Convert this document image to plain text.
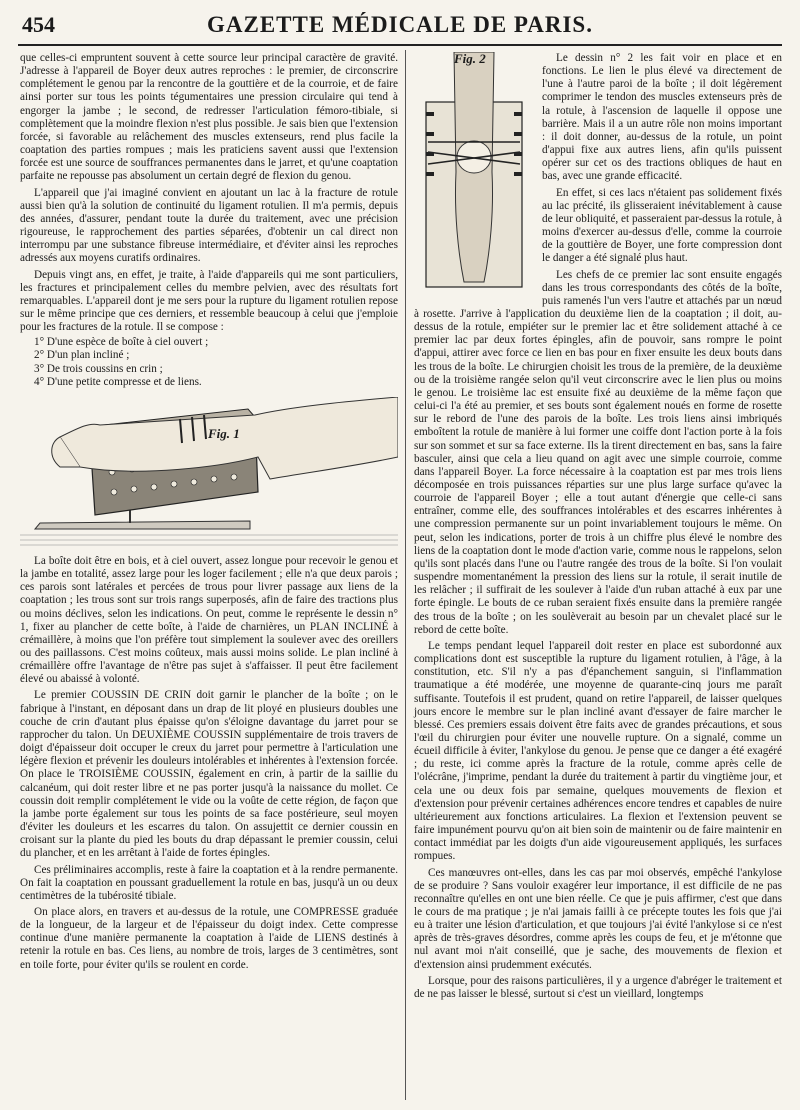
454	GAZETTE MÉDICALE DE PARIS.

que celles-ci empruntent souvent à cette source leur principal caractère de gravité. J'adresse à l'appareil de Boyer deux autres reproches : le premier, de circonscrire complétement le genou par la rencontre de la gouttière et de la courroie, et de faire ainsi porter sur tous les points tégumentaires une pression circulaire qui tend à engorger la jambe ; le second, de redresser l'articulation fémoro-tibiale, si complètement que la moindre flexion n'est plus possible. Je sais bien que l'extension forcée, si favorable au relâchement des muscles extenseurs, rend plus facile la coaptation des parties rompues ; mais les praticiens savent aussi que l'extension forcée est une source de souffrances permanentes dans le jarret, et qu'une coaptation parfaite ne repousse pas absolument un certain degré de flexion du genou.

L'appareil que j'ai imaginé convient en ajoutant un lac à la fracture de rotule aussi bien qu'à la solution de continuité du ligament rotulien. Il m'a permis, depuis des années, d'assurer, pendant toute la durée du traitement, avec une précision rigoureuse, le rapprochement des parties séparées, d'obtenir un cal direct non interrompu par une substance fibreuse intermédiaire, et d'éviter ainsi les reproches adressés aux moyens curatifs ordinaires.

Depuis vingt ans, en effet, je traite, à l'aide d'appareils qui me sont particuliers, les fractures et principalement celles du membre pelvien, avec des résultats fort remarquables. L'appareil dont je me sers pour la rupture du ligament rotulien repose sur le même principe que ces derniers, et ressemble beaucoup à celui que j'emploie pour les fractures de la rotule. Il se compose :

1° D'une espèce de boîte à ciel ouvert ;
2° D'un plan incliné ;
3° De trois coussins en crin ;
4° D'une petite compresse et de liens.
Fig. 1

La boîte doit être en bois, et à ciel ouvert, assez longue pour recevoir le genou et la jambe en totalité, assez large pour les loger facilement ; elle n'a que deux parois ; ces parois sont latérales et percées de trous pour livrer passage aux liens de la coaptation ; les trous sont sur trois rangs superposés, afin de faire des tractions plus ou moins déclives, selon les indications. On peut, comme le représente le dessin n° 1, fixer au plancher de cette boîte, à l'aide de charnières, un PLAN INCLINÉ à crémaillère, à moins que l'on préfère tout simplement la soulever avec des oreillers ou des paillassons. C'est moins coûteux, mais aussi moins solide. Le plan incliné à crémaillère offre l'avantage de n'être pas sujet à s'affaisser. Il peut être facilement élevé ou abaissé à volonté.

Le premier COUSSIN DE CRIN doit garnir le plancher de la boîte ; on le fabrique à l'instant, en déposant dans un drap de lit ployé en plusieurs doubles une couche de crin d'autant plus épaisse qu'on s'éloigne davantage du jarret pour se rapprocher du talon. Un DEUXIÈME COUSSIN supplémentaire de trois travers de doigt d'épaisseur doit occuper le creux du jarret pour permettre à l'articulation une légère flexion et prévenir les douleurs intolérables et inhérentes à l'extension forcée. On place le TROISIÈME COUSSIN, également en crin, à partir de la saillie du calcanéum, qui doit rester libre et ne pas porter jusqu'à la naissance du mollet. Ce coussin doit remplir complétement le vide ou la voûte de cette région, de façon que la jambe porte également sur tous les points de sa face postérieure, seul moyen d'éviter les douleurs et les escarres du talon. On assujettit ce dernier coussin en croisant sur la plante du pied les bouts du drap dépassant le premier coussin, celui du plancher, et en les arrêtant à l'aide de fortes épingles.

Ces préliminaires accomplis, reste à faire la coaptation et à la rendre permanente. On fait la coaptation en poussant graduellement la rotule en bas, jusqu'à un ou deux centimètres de la tubérosité tibiale.

On place alors, en travers et au-dessus de la rotule, une COMPRESSE graduée de la longueur, de la largeur et de l'épaisseur du doigt index. Cette compresse continue d'une manière permanente la coaptation à l'aide de LIENS destinés à retenir la rotule en bas. Ces liens, au nombre de trois, larges de 3 centimètres, sont en toile forte, pour éviter qu'ils se roulent en corde.

Fig. 2	Le dessin n° 2 les fait voir en place et en fonctions. Le lien le plus élevé va directement de l'une à l'autre paroi de la boîte ; il doit légèrement comprimer le tendon des muscles extenseurs près de la rotule, à l'ascension de laquelle il oppose une barrière. Mais il a un autre rôle non moins important : il doit donner, au-dessus de la rotule, un point d'appui fixe aux autres liens, afin qu'ils puissent opérer sur cet os des tractions obliques de haut en bas, avec une grande efficacité.

En effet, si ces lacs n'étaient pas solidement fixés au lac précité, ils glisseraient inévitablement à cause de leur obliquité, et passeraient par-dessus la rotule, à moins d'exercer au-dessus d'elle, comme la courroie de la gouttière de Boyer, une forte compression dont le danger a été signalé plus haut.

Les chefs de ce premier lac sont ensuite engagés dans les trous correspondants des côtés de la boîte, puis ramenés l'un vers l'autre et attachés par un nœud à rosette. J'arrive à l'application du deuxième lien de la coaptation ; il doit, au-dessus de la rotule, empiéter sur le premier lac et être solidement attaché à ce premier lac par deux fortes épingles, afin de pouvoir, sans rompre le point d'appui, attirer avec force ce lien en bas pour en fixer ensuite les deux bouts dans les trous de la boîte. Le chirurgien choisit les trous de la première, de la deuxième ou de la troisième rangée selon qu'il veut circonscrire avec le lien plus ou moins le genou. Le troisième lac est ensuite fixé au deuxième de la même façon que celui-ci l'a été au premier, et ses bouts sont également noués en forme de rosette sur le rebord de l'une des parois de la boîte. Les trois liens ainsi imbriqués emboîtent la rotule de manière à lui former une coiffe dont l'action porte à la fois sur son sommet et sur sa face externe. Ils la tirent directement en bas, sans la faire basculer, ainsi que cela a lieu quand on agit avec une simple courroie, comme dans l'appareil Boyer. La force nécessaire à la coaptation est par mes trois liens décomposée en trois puissances réparties sur une plus large surface qu'avec la courroie de l'appareil Boyer ; elle a tout autant d'énergie que celle-ci sans entraîner, comme elle, des souffrances intolérables et des escarres inhérentes à une compression permanente sur un point invariablement toujours le même. On peut, selon les indications, porter de trois à un chiffre plus élevé le nombre des liens de la coaptation dont le mode d'action varie, comme nous le rappelons, selon qu'ils sont placés dans l'une ou l'autre rangée des trous de la boîte. Si l'on voulait suspendre momentanément la pression des liens sur la rotule, il serait inutile de les relâcher ; il suffirait de les soulever à l'aide d'un ruban attaché à eux par une forte épingle. Le bouts de ce ruban seraient fixés ensuite dans la première rangée des trous de la boîte ; on les soulèverait au besoin par un chevalet placé sur le rebord de cette boîte.

Le temps pendant lequel l'appareil doit rester en place est subordonné aux complications dont est susceptible la rupture du ligament rotulien, à l'âge, à la constitution, etc. S'il n'y a pas d'épanchement sanguin, si l'inflammation traumatique a été modérée, une moyenne de quarante-cinq jours me paraît suffisante. Toutefois il est prudent, quand on retire l'appareil, de laisser quelques jours encore le membre sur le plan incliné avant d'essayer de faire marcher le blessé. Ces premiers essais doivent être faits avec de grandes précautions, et sous l'œil du chirurgien pour éviter une nouvelle rupture. On a signalé, comme un écueil difficile à éviter, l'ankylose du genou. Je pense que ce danger a été exagéré ; du reste, ici comme après la fracture de la rotule, comme après celle de l'olécrâne, j'imprime, pendant la durée du traitement à partir du vingtième jour, et cela une ou deux fois par semaine, quelques mouvements de flexion et d'extension pour prévenir certaines adhérences encore tendres et capables de nuire ultérieurement aux fonctions articulaires. La flexion et l'extension peuvent se faire impunément pourvu qu'on ait bien soin de maintenir ou de faire maintenir en contact immédiat par les doigts d'un aide vigoureusement appliqués, les surfaces rompues.

Ces manœuvres ont-elles, dans les cas par moi observés, empêché l'ankylose de se produire ? Sans vouloir exagérer leur importance, il est difficile de ne pas reconnaître qu'elles en ont une bien réelle. Ce que je puis affirmer, c'est que dans le cours de ma pratique ; je n'ai jamais failli à ce précepte toutes les fois que j'ai eu à traiter une lésion d'articulation, et que toujours j'ai évité l'ankylose si ce n'est après de très-graves désordres, comme après les coups de feu, et je m'étonne que nul avant moi n'ait conseillé, que je sache, des mouvements de flexion et d'extension ainsi prudemment exécutés.

Lorsque, pour des raisons particulières, il y a urgence d'abréger le traitement et de ne pas laisser le blessé, surtout si c'est un vieillard, longtemps
